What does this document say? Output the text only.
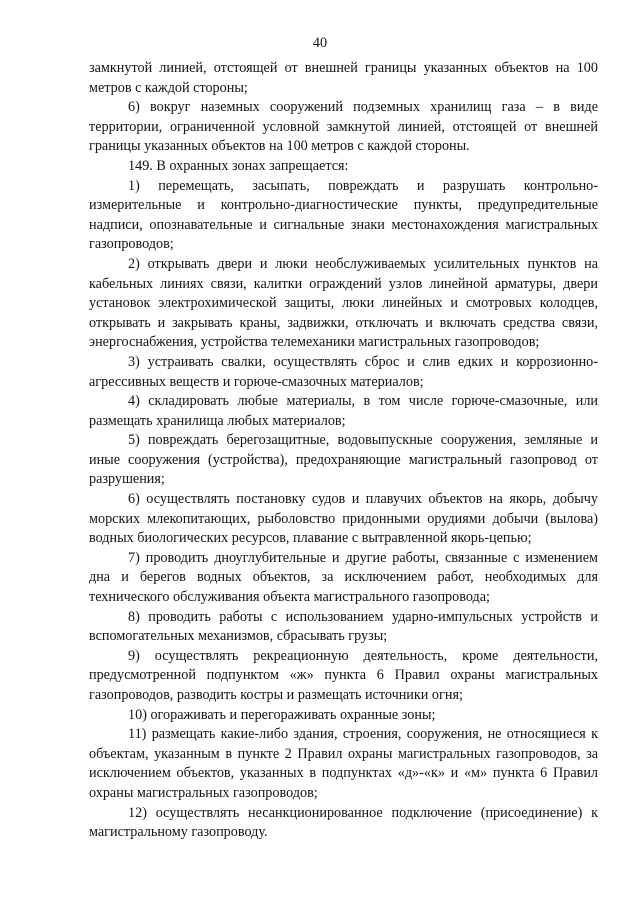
40

замкнутой линией, отстоящей от внешней границы указанных объектов на 100 метров с каждой стороны;

6) вокруг наземных сооружений подземных хранилищ газа – в виде территории, ограниченной условной замкнутой линией, отстоящей от внешней границы указанных объектов на 100 метров с каждой стороны.

149. В охранных зонах запрещается:

1) перемещать, засыпать, повреждать и разрушать контрольно-измерительные и контрольно-диагностические пункты, предупредительные надписи, опознавательные и сигнальные знаки местонахождения магистральных газопроводов;

2) открывать двери и люки необслуживаемых усилительных пунктов на кабельных линиях связи, калитки ограждений узлов линейной арматуры, двери установок электрохимической защиты, люки линейных и смотровых колодцев, открывать и закрывать краны, задвижки, отключать и включать средства связи, энергоснабжения, устройства телемеханики магистральных газопроводов;

3) устраивать свалки, осуществлять сброс и слив едких и коррозионно-агрессивных веществ и горюче-смазочных материалов;

4) складировать любые материалы, в том числе горюче-смазочные, или размещать хранилища любых материалов;

5) повреждать берегозащитные, водовыпускные сооружения, земляные и иные сооружения (устройства), предохраняющие магистральный газопровод от разрушения;

6) осуществлять постановку судов и плавучих объектов на якорь, добычу морских млекопитающих, рыболовство придонными орудиями добычи (вылова) водных биологических ресурсов, плавание с вытравленной якорь-цепью;

7) проводить дноуглубительные и другие работы, связанные с изменением дна и берегов водных объектов, за исключением работ, необходимых для технического обслуживания объекта магистрального газопровода;

8) проводить работы с использованием ударно-импульсных устройств и вспомогательных механизмов, сбрасывать грузы;

9) осуществлять рекреационную деятельность, кроме деятельности, предусмотренной подпунктом «ж» пункта 6 Правил охраны магистральных газопроводов, разводить костры и размещать источники огня;

10) огораживать и перегораживать охранные зоны;

11) размещать какие-либо здания, строения, сооружения, не относящиеся к объектам, указанным в пункте 2 Правил охраны магистральных газопроводов, за исключением объектов, указанных в подпунктах «д»-«к» и «м» пункта 6 Правил охраны магистральных газопроводов;

12) осуществлять несанкционированное подключение (присоединение) к магистральному газопроводу.
